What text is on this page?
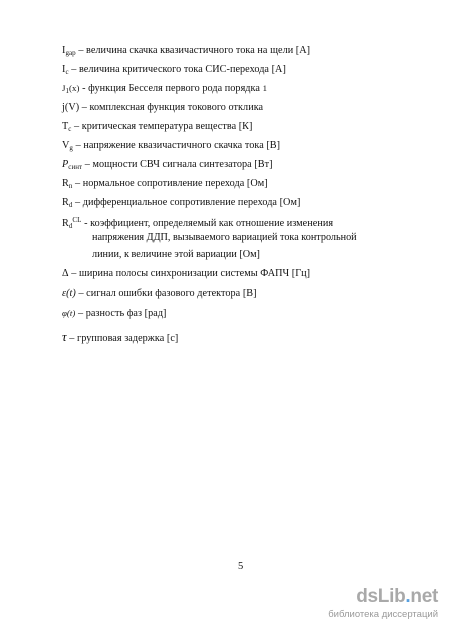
$I_{gap}$ – величина скачка квазичастичного тока на щели [А]
$I_c$ – величина критического тока СИС-перехода [А]
$J_1(x)$ - функция Бесселя первого рода порядка 1
j(V) – комплексная функция токового отклика
$T_c$ – критическая температура вещества [К]
$V_g$ – напряжение квазичастичного скачка тока [В]
$P_{синт}$ – мощности СВЧ сигнала синтезатора [Вт]
$R_n$ – нормальное сопротивление перехода [Ом]
$R_d$ – дифференциальное сопротивление перехода [Ом]
$R_d^{CL}$ - коэффициент, определяемый как отношение изменения
напряжения ДДП, вызываемого вариацией тока контрольной
линии, к величине этой вариации [Ом]
Δ – ширина полосы синхронизации системы ФАПЧ [Гц]
ε(t) – сигнал ошибки фазового детектора [В]
φ(t) – разность фаз [рад]
τ – групповая задержка [с]
5
dsLib.net
библиотека диссертаций
